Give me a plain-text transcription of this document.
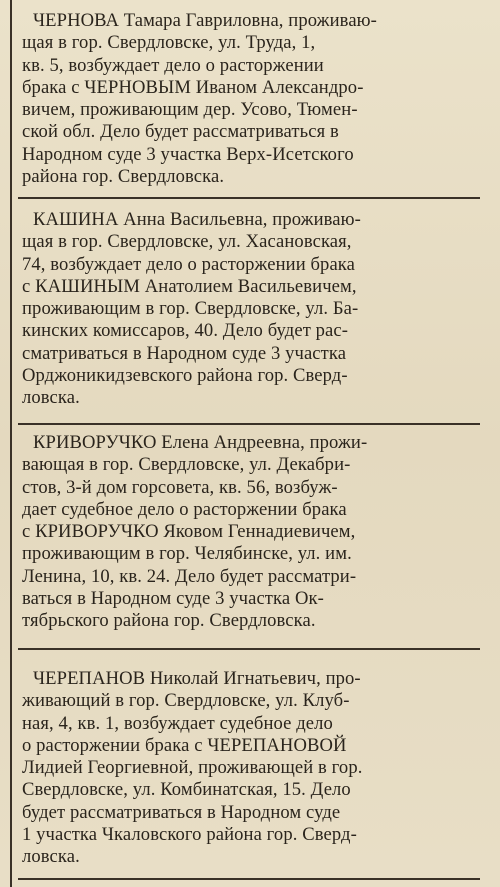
ЧЕРНОВА Тамара Гавриловна, проживаю-

щая в гор. Свердловске, ул. Труда, 1,

кв. 5, возбуждает дело о расторжении

брака с ЧЕРНОВЫМ Иваном Александро-

вичем, проживающим дер. Усово, Тюмен-

ской обл. Дело будет рассматриваться в

Народном суде 3 участка Верх-Исетского

района гор. Свердловска.

КАШИНА Анна Васильевна, проживаю-

щая в гор. Свердловске, ул. Хасановская,

74, возбуждает дело о расторжении брака

с КАШИНЫМ Анатолием Васильевичем,

проживающим в гор. Свердловске, ул. Ба-

кинских комиссаров, 40. Дело будет рас-

сматриваться в Народном суде 3 участка

Орджоникидзевского района гор. Сверд-

ловска.

КРИВОРУЧКО Елена Андреевна, прожи-

вающая в гор. Свердловске, ул. Декабри-

стов, 3-й дом горсовета, кв. 56, возбуж-

дает судебное дело о расторжении брака

с КРИВОРУЧКО Яковом Геннадиевичем,

проживающим в гор. Челябинске, ул. им.

Ленина, 10, кв. 24. Дело будет рассматри-

ваться в Народном суде 3 участка Ок-

тябрьского района гор. Свердловска.

ЧЕРЕПАНОВ Николай Игнатьевич, про-

живающий в гор. Свердловске, ул. Клуб-

ная, 4, кв. 1, возбуждает судебное дело

о расторжении брака с ЧЕРЕПАНОВОЙ

Лидией Георгиевной, проживающей в гор.

Свердловске, ул. Комбинатская, 15. Дело

будет рассматриваться в Народном суде

1 участка Чкаловского района гор. Сверд-

ловска.
